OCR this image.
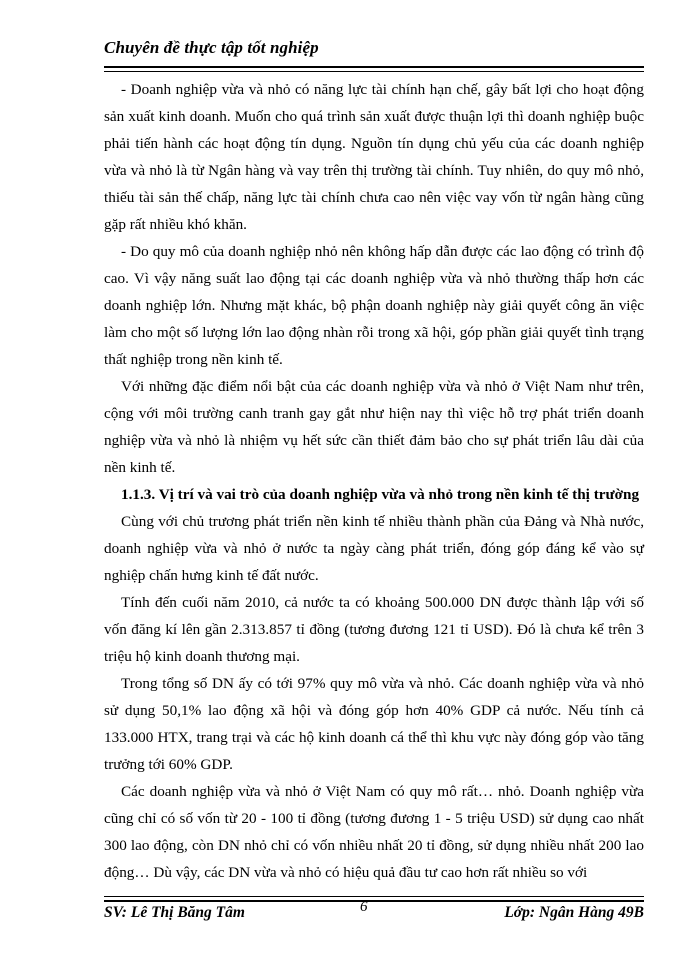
Chuyên đề thực tập tốt nghiệp

- Doanh nghiệp vừa và nhỏ có năng lực tài chính hạn chế, gây bất lợi cho hoạt động sản xuất kinh doanh. Muốn cho quá trình sản xuất được thuận lợi thì doanh nghiệp buộc phải tiến hành các hoạt động tín dụng. Nguồn tín dụng chủ yếu của các doanh nghiệp vừa và nhỏ là từ Ngân hàng và vay trên thị trường tài chính. Tuy nhiên, do quy mô nhỏ, thiếu tài sản thế chấp, năng lực tài chính chưa cao nên việc vay vốn từ ngân hàng cũng gặp rất nhiều khó khăn.

- Do quy mô của doanh nghiệp nhỏ nên không hấp dẫn được các lao động có trình độ cao. Vì vậy năng suất lao động tại các doanh nghiệp vừa và nhỏ thường thấp hơn các doanh nghiệp lớn. Nhưng mặt khác, bộ phận doanh nghiệp này giải quyết công ăn việc làm cho một số lượng lớn lao động nhàn rỗi trong xã hội, góp phần giải quyết tình trạng thất nghiệp trong nền kinh tế.

Với những đặc điểm nổi bật của các doanh nghiệp vừa và nhỏ ở Việt Nam như trên, cộng với môi trường canh tranh gay gắt như hiện nay thì việc hỗ trợ phát triển doanh nghiệp vừa và nhỏ là nhiệm vụ hết sức cần thiết đảm bảo cho sự phát triển lâu dài của nền kinh tế.

1.1.3. Vị trí và vai trò của doanh nghiệp vừa và nhỏ trong nền kinh tế thị trường

Cùng với chủ trương phát triển nền kinh tế nhiều thành phần của Đảng và Nhà nước, doanh nghiệp vừa và nhỏ ở nước ta ngày càng phát triển, đóng góp đáng kể vào sự nghiệp chấn hưng kinh tế đất nước.

Tính đến cuối năm 2010, cả nước ta có khoảng 500.000 DN được thành lập với số vốn đăng kí lên gần 2.313.857 tỉ đồng (tương đương 121 tỉ USD). Đó là chưa kể trên 3 triệu hộ kinh doanh thương mại.

Trong tổng số DN ấy có tới 97% quy mô vừa và nhỏ. Các doanh nghiệp vừa và nhỏ sử dụng 50,1% lao động xã hội và đóng góp hơn 40% GDP cả nước. Nếu tính cả 133.000 HTX, trang trại và các hộ kinh doanh cá thể thì khu vực này đóng góp vào tăng trưởng tới 60% GDP.

Các doanh nghiệp vừa và nhỏ ở Việt Nam có quy mô rất… nhỏ. Doanh nghiệp vừa cũng chỉ có số vốn từ 20 - 100 tỉ đồng (tương đương 1 - 5 triệu USD) sử dụng cao nhất 300 lao động, còn DN nhỏ chỉ có vốn nhiều nhất 20 tỉ đồng, sử dụng nhiều nhất 200 lao động… Dù vậy, các DN vừa và nhỏ có hiệu quả đầu tư cao hơn rất nhiều so với

SV: Lê Thị Băng Tâm	6	Lớp: Ngân Hàng 49B
